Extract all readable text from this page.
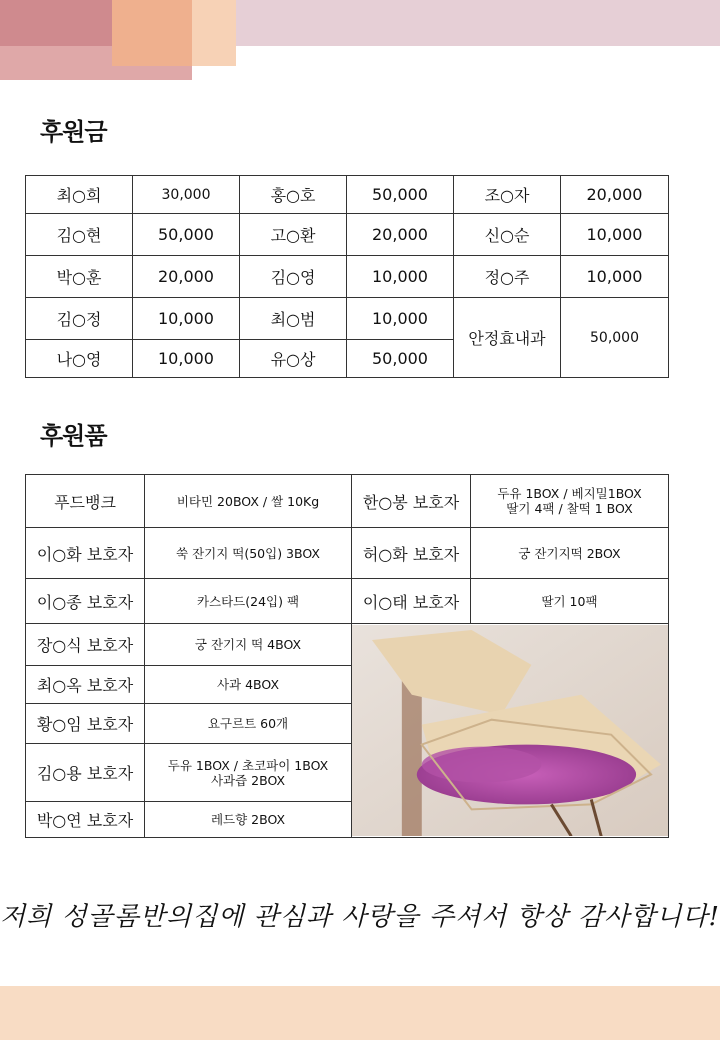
후원금
최○희	30,000	홍○호	50,000	조○자	20,000
김○현	50,000	고○환	20,000	신○순	10,000
박○훈	20,000	김○영	10,000	정○주	10,000
김○정	10,000	최○범	10,000	안정효내과	50,000
나○영	10,000	유○상	50,000		
후원품
푸드뱅크	비타민 20BOX / 쌀 10Kg	한○봉 보호자	두유 1BOX / 베지밀1BOX
딸기 4팩 / 찰떡 1 BOX

이○화 보호자	쑥 잔기지 떡(50입) 3BOX	허○화 보호자	궁 잔기지떡 2BOX
이○종 보호자	카스타드(24입) 팩	이○태 보호자	딸기 10팩
장○식 보호자	궁 잔기지 떡 4BOX	

최○옥 보호자	사과 4BOX		
황○임 보호자	요구르트 60개		
김○용 보호자	두유 1BOX / 초코파이 1BOX
사과즙 2BOX		

박○연 보호자	레드향 2BOX		
저희 성골롬반의집에 관심과 사랑을 주셔서 항상 감사합니다!
